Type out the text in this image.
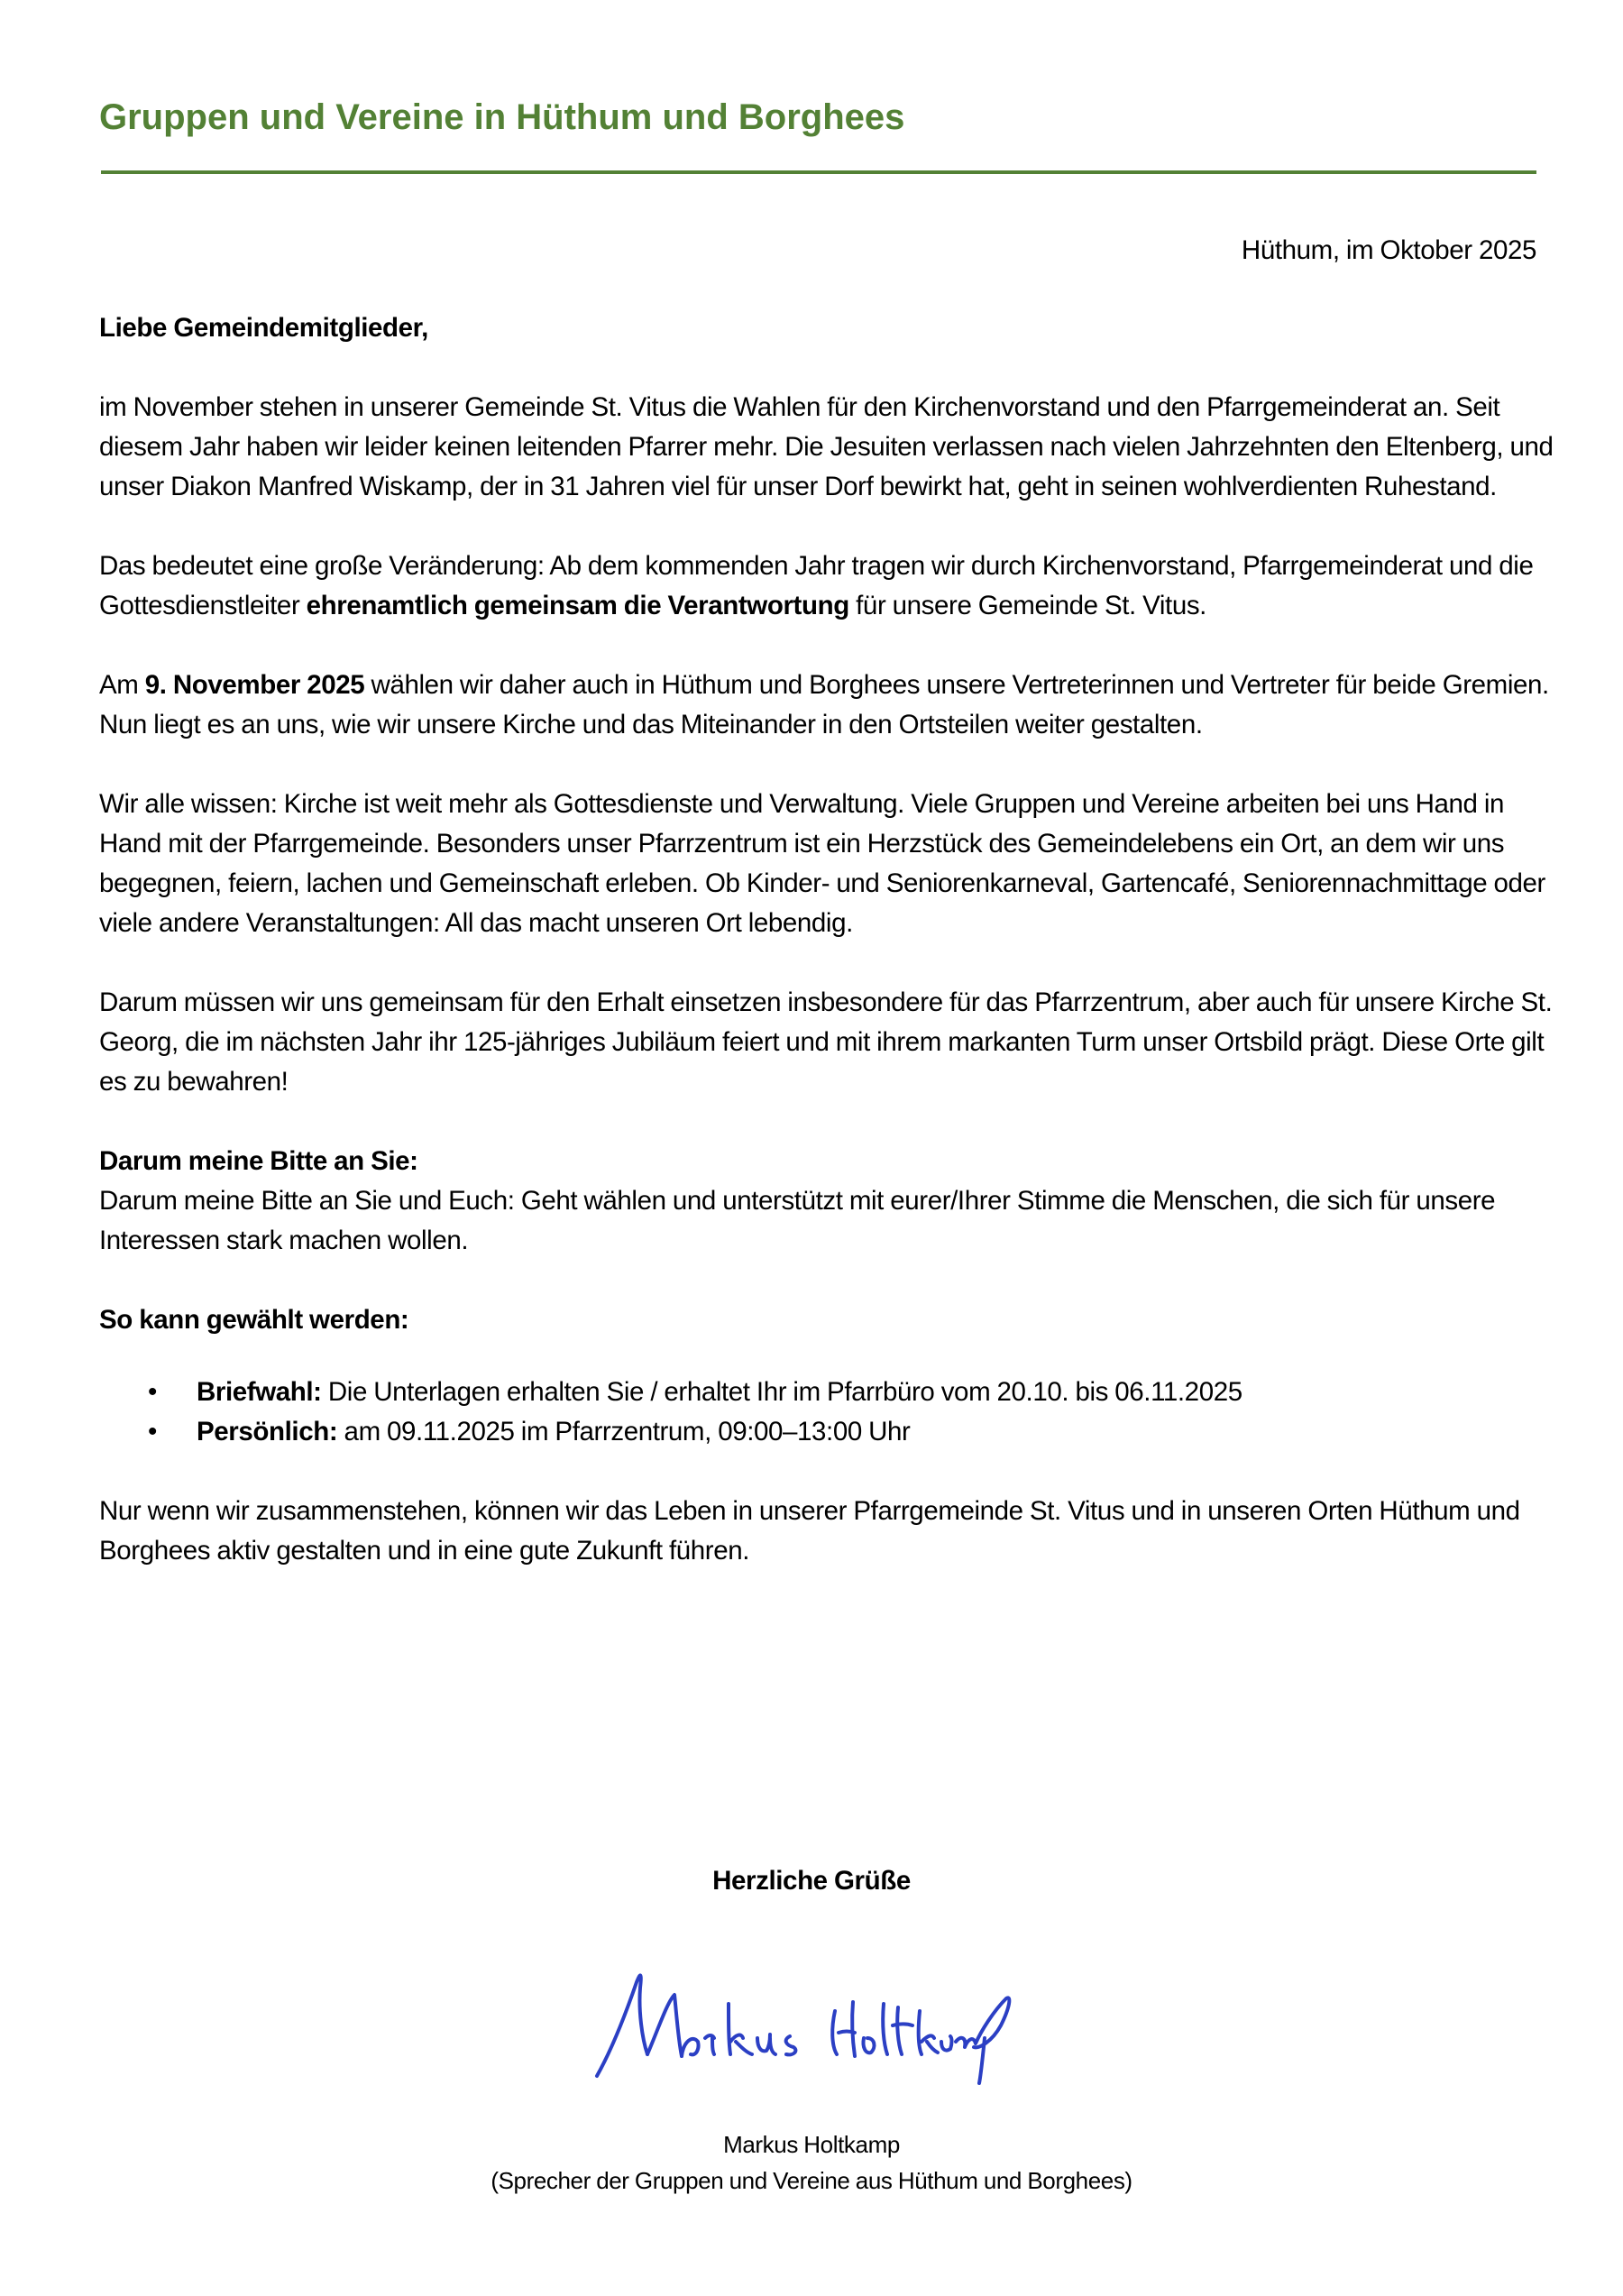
Gruppen und Vereine in Hüthum und Borghees
Hüthum, im Oktober 2025

Liebe Gemeindemitglieder,

im November stehen in unserer Gemeinde St. Vitus die Wahlen für den Kirchenvorstand und den Pfarrgemeinderat an. Seit diesem Jahr haben wir leider keinen leitenden Pfarrer mehr. Die Jesuiten verlassen nach vielen Jahrzehnten den Eltenberg, und unser Diakon Manfred Wiskamp, der in 31 Jahren viel für unser Dorf bewirkt hat, geht in seinen wohlverdienten Ruhestand.

Das bedeutet eine große Veränderung: Ab dem kommenden Jahr tragen wir durch Kirchenvorstand, Pfarrgemeinderat und die Gottesdienstleiter ehrenamtlich gemeinsam die Verantwortung für unsere Gemeinde St. Vitus.

Am 9. November 2025 wählen wir daher auch in Hüthum und Borghees unsere Vertreterinnen und Vertreter für beide Gremien. Nun liegt es an uns, wie wir unsere Kirche und das Miteinander in den Ortsteilen weiter gestalten.

Wir alle wissen: Kirche ist weit mehr als Gottesdienste und Verwaltung. Viele Gruppen und Vereine arbeiten bei uns Hand in Hand mit der Pfarrgemeinde. Besonders unser Pfarrzentrum ist ein Herzstück des Gemeindelebens ein Ort, an dem wir uns begegnen, feiern, lachen und Gemeinschaft erleben. Ob Kinder- und Seniorenkarneval, Gartencafé, Seniorennachmittage oder viele andere Veranstaltungen: All das macht unseren Ort lebendig.

Darum müssen wir uns gemeinsam für den Erhalt einsetzen insbesondere für das Pfarrzentrum, aber auch für unsere Kirche St. Georg, die im nächsten Jahr ihr 125-jähriges Jubiläum feiert und mit ihrem markanten Turm unser Ortsbild prägt. Diese Orte gilt es zu bewahren!

Darum meine Bitte an Sie:

Darum meine Bitte an Sie und Euch: Geht wählen und unterstützt mit eurer/Ihrer Stimme die Menschen, die sich für unsere Interessen stark machen wollen.

So kann gewählt werden:

• Briefwahl: Die Unterlagen erhalten Sie / erhaltet Ihr im Pfarrbüro vom 20.10. bis 06.11.2025
• Persönlich: am 09.11.2025 im Pfarrzentrum, 09:00–13:00 Uhr

Nur wenn wir zusammenstehen, können wir das Leben in unserer Pfarrgemeinde St. Vitus und in unseren Orten Hüthum und Borghees aktiv gestalten und in eine gute Zukunft führen.

Herzliche Grüße
Markus Holtkamp
(Sprecher der Gruppen und Vereine aus Hüthum und Borghees)
